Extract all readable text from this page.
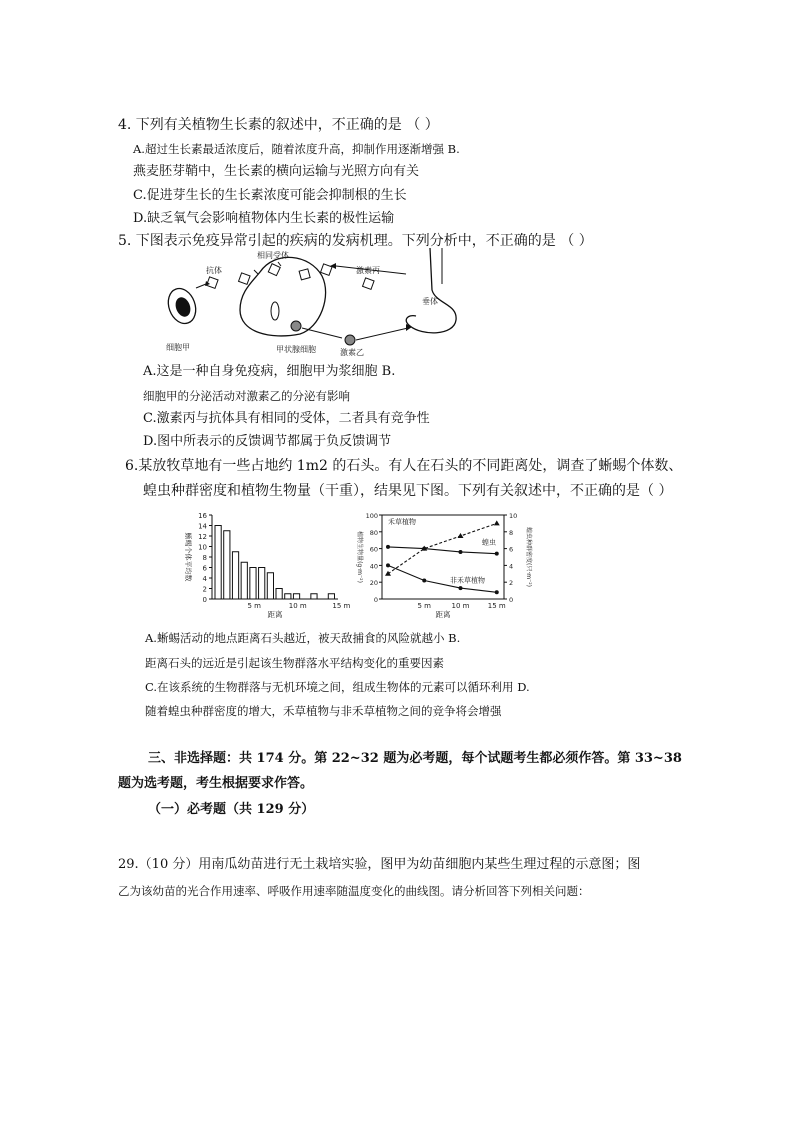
4. 下列有关植物生长素的叙述中，不正确的是 （ ）
A.超过生长素最适浓度后，随着浓度升高，抑制作用逐渐增强 B.
燕麦胚芽鞘中，生长素的横向运输与光照方向有关
C.促进芽生长的生长素浓度可能会抑制根的生长
D.缺乏氧气会影响植物体内生长素的极性运输
5. 下图表示免疫异常引起的疾病的发病机理。下列分析中，不正确的是 （ ）
细胞甲
抗体
相同受体
甲状腺细胞	激素乙
激素丙
垂体
A.这是一种自身免疫病，细胞甲为浆细胞 B.
细胞甲的分泌活动对激素乙的分泌有影响
C.激素丙与抗体具有相同的受体，二者具有竞争性
D.图中所表示的反馈调节都属于负反馈调节
6.某放牧草地有一些占地约 1m2 的石头。有人在石头的不同距离处，调查了蜥蜴个体数、
蝗虫种群密度和植物生物量（干重），结果见下图。下列有关叙述中，不正确的是（ ）
0
2
4
6
8
10
12
14
16
5 m	10 m	15 m
距离
蜥蜴个体平均数
0
20
40
60
80
100
0
2
4
6
8
10
5 m	10 m	15 m
距离
植物生物量(g·m⁻²)	蝗虫种群密度(只·m⁻²)
禾草植物
非禾草植物
蝗虫
A.蜥蜴活动的地点距离石头越近，被天敌捕食的风险就越小 B.
距离石头的远近是引起该生物群落水平结构变化的重要因素
C.在该系统的生物群落与无机环境之间，组成生物体的元素可以循环利用 D.
随着蝗虫种群密度的增大，禾草植物与非禾草植物之间的竞争将会增强
三、非选择题：共 174 分。第 22~32 题为必考题，每个试题考生都必须作答。第 33~38
题为选考题，考生根据要求作答。
（一）必考题（共 129 分）
29.（10 分）用南瓜幼苗进行无土栽培实验，图甲为幼苗细胞内某些生理过程的示意图；图
乙为该幼苗的光合作用速率、呼吸作用速率随温度变化的曲线图。请分析回答下列相关问题：
